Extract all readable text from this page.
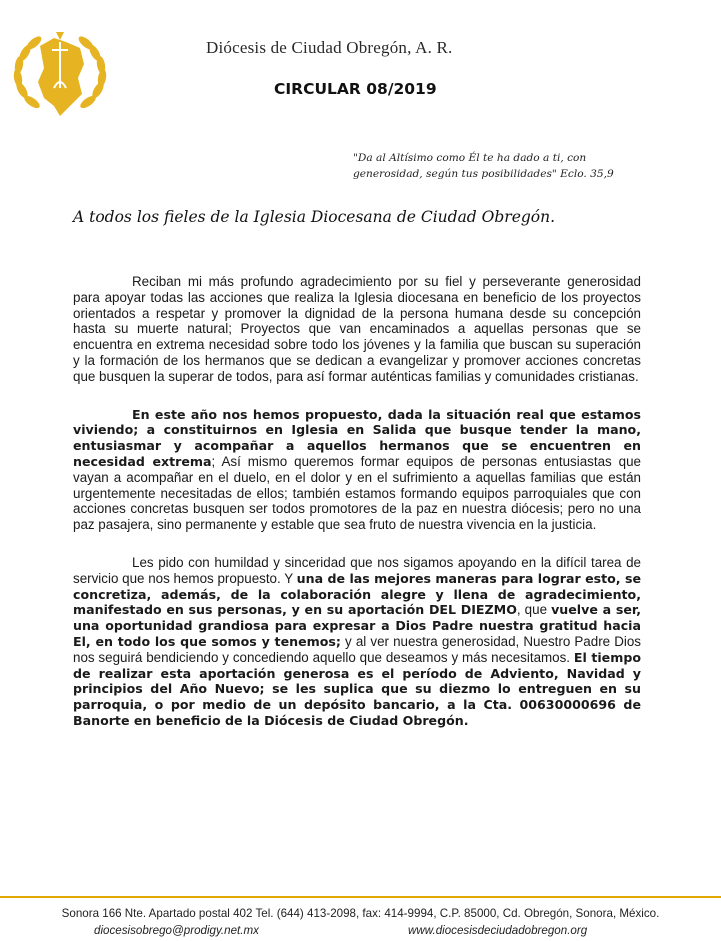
Diócesis de Ciudad Obregón, A. R.
CIRCULAR 08/2019
"Da al Altísimo como Él te ha dado a ti, con
generosidad, según tus posibilidades" Eclo. 35,9
A todos los fieles de la Iglesia Diocesana de Ciudad Obregón.

Reciban mi más profundo agradecimiento por su fiel y perseverante generosidad para apoyar todas las acciones que realiza la Iglesia diocesana en beneficio de los proyectos orientados a respetar y promover la dignidad de la persona humana desde su concepción hasta su muerte natural; Proyectos que van encaminados a aquellas personas que se encuentra en extrema necesidad sobre todo los jóvenes y la familia que buscan su superación y la formación de los hermanos que se dedican a evangelizar y promover acciones concretas que busquen la superar de todos, para así formar auténticas familias y comunidades cristianas.

En este año nos hemos propuesto, dada la situación real que estamos viviendo; a constituirnos en Iglesia en Salida que busque tender la mano, entusiasmar y acompañar a aquellos hermanos que se encuentren en necesidad extrema; Así mismo queremos formar equipos de personas entusiastas que vayan a acompañar en el duelo, en el dolor y en el sufrimiento a aquellas familias que están urgentemente necesitadas de ellos; también estamos formando equipos parroquiales que con acciones concretas busquen ser todos promotores de la paz en nuestra diócesis; pero no una paz pasajera, sino permanente y estable que sea fruto de nuestra vivencia en la justicia.

Les pido con humildad y sinceridad que nos sigamos apoyando en la difícil tarea de servicio que nos hemos propuesto. Y una de las mejores maneras para lograr esto, se concretiza, además, de la colaboración alegre y llena de agradecimiento, manifestado en sus personas, y en su aportación DEL DIEZMO, que vuelve a ser, una oportunidad grandiosa para expresar a Dios Padre nuestra gratitud hacia El, en todo los que somos y tenemos; y al ver nuestra generosidad, Nuestro Padre Dios nos seguirá bendiciendo y concediendo aquello que deseamos y más necesitamos. El tiempo de realizar esta aportación generosa es el período de Adviento, Navidad y principios del Año Nuevo; se les suplica que su diezmo lo entreguen en su parroquia, o por medio de un depósito bancario, a la Cta. 00630000696 de Banorte en beneficio de la Diócesis de Ciudad Obregón.

Sonora 166 Nte. Apartado postal 402 Tel. (644) 413-2098, fax: 414-9994, C.P. 85000, Cd. Obregón, Sonora, México.
diocesisobrego@prodigy.net.mx	www.diocesisdeciudadobregon.org
